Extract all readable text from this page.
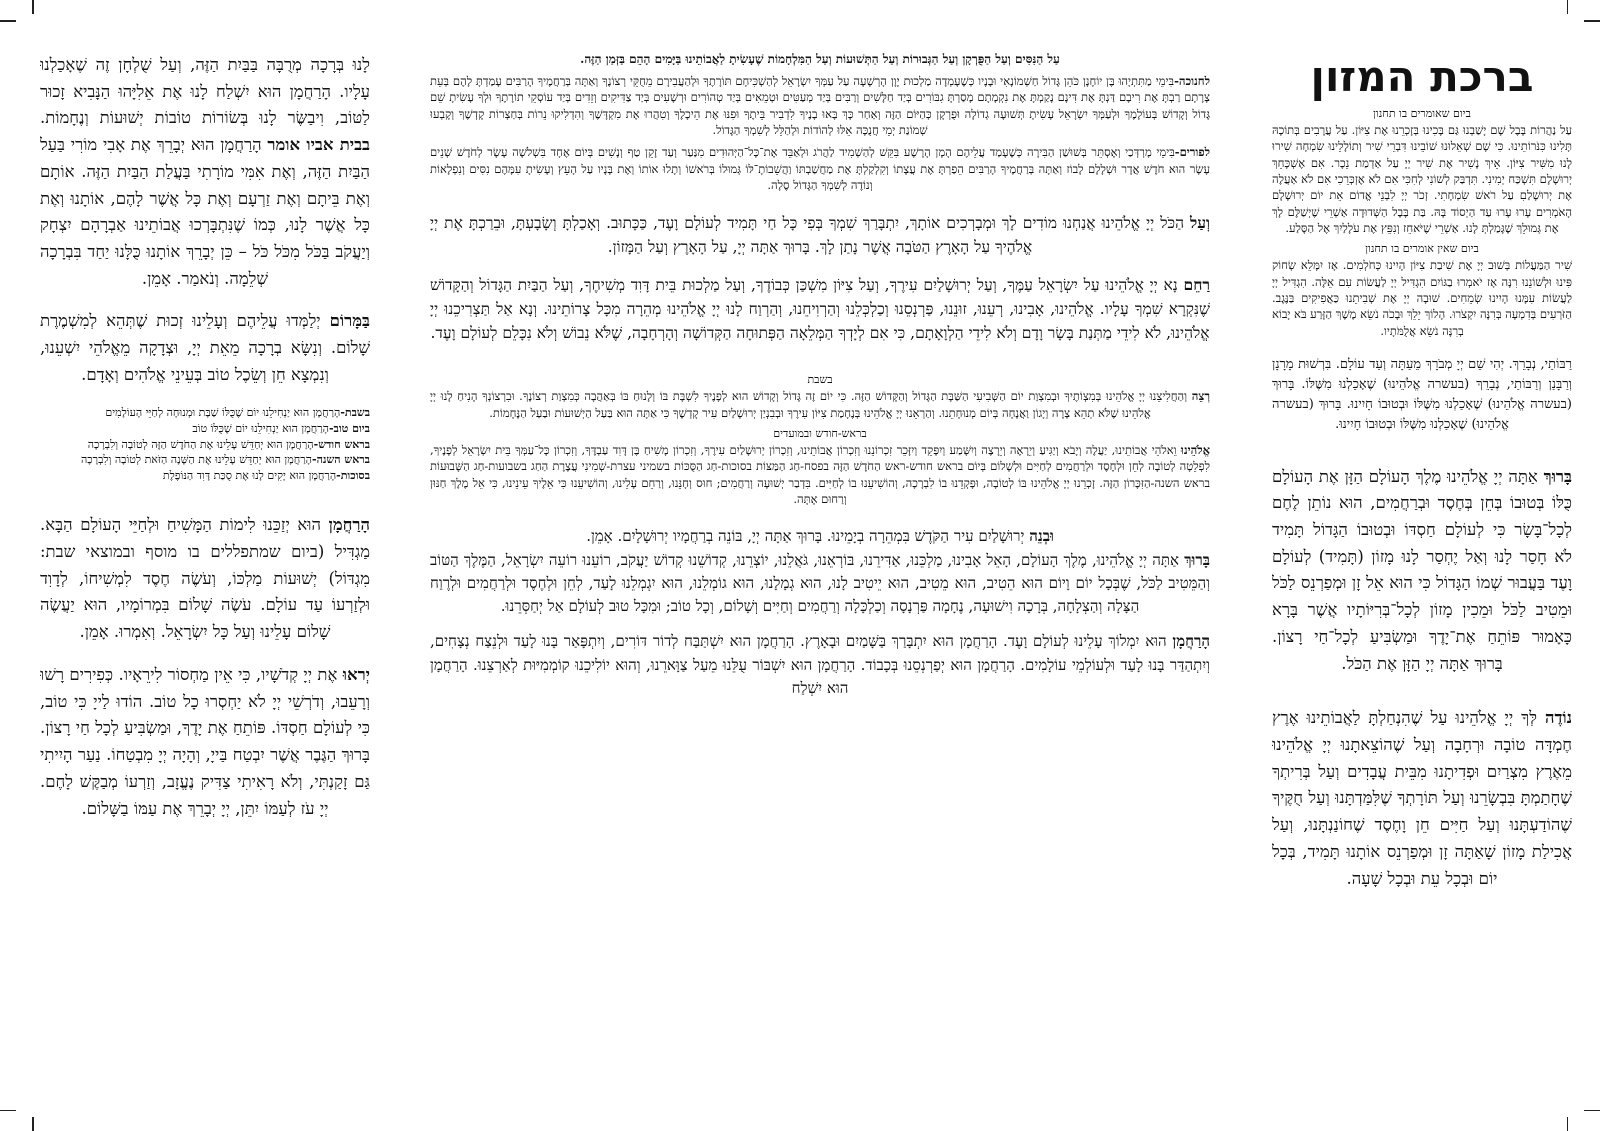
ברכת המזון

ביום שאומרים בו תחנון

עַל נַהֲרוֹת בָּבֶל שָׁם יָשַׁבְנוּ גַּם בָּכִינוּ בְּזָכְרֵנוּ אֶת צִיּוֹן. עַל עֲרָבִים בְּתוֹכָהּ תָּלִינוּ כִּנֹּרוֹתֵינוּ. כִּי שָׁם שְׁאֵלוּנוּ שׁוֹבֵינוּ דִּבְרֵי שִׁיר וְתוֹלָלֵינוּ שִׂמְחָה שִׁירוּ לָנוּ מִשִּׁיר צִיּוֹן. אֵיךְ נָשִׁיר אֶת שִׁיר יְיָ עַל אַדְמַת נֵכָר. אִם אֶשְׁכָּחֵךְ יְרוּשָׁלָם תִּשְׁכַּח יְמִינִי. תִּדְבַּק לְשׁוֹנִי לְחִכִּי אִם לֹא אֶזְכְּרֵכִי אִם לֹא אַעֲלֶה אֶת יְרוּשָׁלַםִ עַל רֹאשׁ שִׂמְחָתִי. זְכֹר יְיָ לִבְנֵי אֱדוֹם אֵת יוֹם יְרוּשָׁלָם הָאֹמְרִים עָרוּ עָרוּ עַד הַיְסוֹד בָּהּ. בַּת בָּבֶל הַשְּׁדוּדָה אַשְׁרֵי שֶׁיְשַׁלֶּם לָךְ אֶת גְּמוּלֵךְ שֶׁגָּמַלְתְּ לָנוּ. אַשְׁרֵי שֶׁיֹּאחֵז וְנִפֵּץ אֶת עֹלָלַיִךְ אֶל הַסָּלַע.

ביום שאין אומרים בו תחנון

שִׁיר הַמַּעֲלוֹת בְּשׁוּב יְיָ אֶת שִׁיבַת צִיּוֹן הָיִינוּ כְּחֹלְמִים. אָז יִמָּלֵא שְׂחוֹק פִּינוּ וּלְשׁוֹנֵנוּ רִנָּה אָז יֹאמְרוּ בַגּוֹיִם הִגְדִּיל יְיָ לַעֲשׂוֹת עִם אֵלֶּה. הִגְדִּיל יְיָ לַעֲשׂוֹת עִמָּנוּ הָיִינוּ שְׂמֵחִים. שׁוּבָה יְיָ אֶת שְׁבִיתֵנוּ כַּאֲפִיקִים בַּנֶּגֶב. הַזֹּרְעִים בְּדִמְעָה בְּרִנָּה יִקְצֹרוּ. הָלוֹךְ יֵלֵךְ וּבָכֹה נֹשֵׂא מֶשֶׁךְ הַזָּרַע בֹּא יָבוֹא בְרִנָּה נֹשֵׂא אֲלֻמֹּתָיו.

רַבּוֹתַי, נְבָרֵךְ. יְהִי שֵׁם יְיָ מְבֹרָךְ מֵעַתָּה וְעַד עוֹלָם. בִּרְשׁוּת מָרָנָן וְרַבָּנַן וְרַבּוֹתַי, נְבָרֵךְ (בעשרה אֱלֹהֵינוּ) שֶׁאָכַלְנוּ מִשֶּׁלּוֹ. בָּרוּךְ (בעשרה אֱלֹהֵינוּ) שֶׁאָכַלְנוּ מִשֶּׁלּוֹ וּבְטוּבוֹ חָיִינוּ. בָּרוּךְ (בעשרה אֱלֹהֵינוּ) שֶׁאָכַלְנוּ מִשֶּׁלּוֹ וּבְטוּבוֹ חָיִינוּ.

בָּרוּךְ אַתָּה יְיָ אֱלֹהֵינוּ מֶלֶךְ הָעוֹלָם הַזָּן אֶת הָעוֹלָם כֻּלּוֹ בְּטוּבוֹ בְּחֵן בְּחֶסֶד וּבְרַחֲמִים, הוּא נוֹתֵן לֶחֶם לְכָל־בָּשָׂר כִּי לְעוֹלָם חַסְדּוֹ וּבְטוּבוֹ הַגָּדוֹל תָּמִיד לֹא חָסַר לָנוּ וְאַל יֶחְסַר לָנוּ מָזוֹן (תָּמִיד) לְעוֹלָם וָעֶד בַּעֲבוּר שְׁמוֹ הַגָּדוֹל כִּי הוּא אֵל זָן וּמְפַרְנֵס לַכֹּל וּמֵטִיב לַכֹּל וּמֵכִין מָזוֹן לְכָל־בְּרִיּוֹתָיו אֲשֶׁר בָּרָא כָּאָמוּר פּוֹתֵחַ אֶת־יָדֶךָ וּמַשְׂבִּיעַ לְכָל־חַי רָצוֹן. בָּרוּךְ אַתָּה יְיָ הַזָּן אֶת הַכֹּל.

נוֹדֶה לְּךָ יְיָ אֱלֹהֵינוּ עַל שֶׁהִנְחַלְתָּ לַאֲבוֹתֵינוּ אֶרֶץ חֶמְדָּה טוֹבָה וּרְחָבָה וְעַל שֶׁהוֹצֵאתָנוּ יְיָ אֱלֹהֵינוּ מֵאֶרֶץ מִצְרַיִם וּפְדִיתָנוּ מִבֵּית עֲבָדִים וְעַל בְּרִיתְךָ שֶׁחָתַמְתָּ בִּבְשָׂרֵנוּ וְעַל תּוֹרָתְךָ שֶׁלִּמַּדְתָּנוּ וְעַל חֻקֶּיךָ שֶׁהוֹדַעְתָּנוּ וְעַל חַיִּים חֵן וָחֶסֶד שֶׁחוֹנַנְתָּנוּ, וְעַל אֲכִילַת מָזוֹן שָׁאַתָּה זָן וּמְפַרְנֵס אוֹתָנוּ תָּמִיד, בְּכָל יוֹם וּבְכָל עֵת וּבְכָל שָׁעָה.

עַל הַנִּסִּים וְעַל הַפֻּרְקָן וְעַל הַגְּבוּרוֹת וְעַל הַתְּשׁוּעוֹת וְעַל הַמִּלְחָמוֹת שֶׁעָשִׂיתָ לַאֲבוֹתֵינוּ בַּיָּמִים הָהֵם בַּזְּמַן הַזֶּה.

לחנוכה-בִּימֵי מַתִּתְיָהוּ בֶּן יוֹחָנָן כֹּהֵן גָּדוֹל חַשְׁמוֹנָאִי וּבָנָיו כְּשֶׁעָמְדָה מַלְכוּת יָוָן הָרְשָׁעָה עַל עַמְּךָ יִשְׂרָאֵל לְהַשְׁכִּיחָם תּוֹרָתֶךָ וּלְהַעֲבִירָם מֵחֻקֵּי רְצוֹנֶךָ וְאַתָּה בְּרַחֲמֶיךָ הָרַבִּים עָמַדְתָּ לָהֶם בְּעֵת צָרָתָם רַבְתָּ אֶת רִיבָם דַּנְתָּ אֶת דִּינָם נָקַמְתָּ אֶת נִקְמָתָם מָסַרְתָּ גִבּוֹרִים בְּיַד חַלָּשִׁים וְרַבִּים בְּיַד מְעַטִּים וּטְמֵאִים בְּיַד טְהוֹרִים וּרְשָׁעִים בְּיַד צַדִּיקִים וְזֵדִים בְּיַד עוֹסְקֵי תוֹרָתֶךָ וּלְךָ עָשִׂיתָ שֵׁם גָּדוֹל וְקָדוֹשׁ בְּעוֹלָמֶךָ וּלְעַמְּךָ יִשְׂרָאֵל עָשִׂיתָ תְּשׁוּעָה גְדוֹלָה וּפֻרְקָן כְּהַיּוֹם הַזֶּה וְאַחַר כָּךְ בָּאוּ בָנֶיךָ לִדְבִיר בֵּיתֶךָ וּפִנּוּ אֶת הֵיכָלֶךָ וְטִהֲרוּ אֶת מִקְדָּשֶׁךָ וְהִדְלִיקוּ נֵרוֹת בְּחַצְרוֹת קָדְשֶׁךָ וְקָבְעוּ שְׁמוֹנַת יְמֵי חֲנֻכָּה אֵלּוּ לְהוֹדוֹת וּלְהַלֵּל לְשִׁמְךָ הַגָּדוֹל.

לפורים-בִּימֵי מָרְדְּכַי וְאֶסְתֵּר בְּשׁוּשַׁן הַבִּירָה כְּשֶׁעָמַד עֲלֵיהֶם הָמָן הָרָשָׁע בִּקֵּשׁ לְהַשְׁמִיד לַהֲרֹג וּלְאַבֵּד אֶת־כָּל־הַיְּהוּדִים מִנַּעַר וְעַד זָקֵן טַף וְנָשִׁים בְּיוֹם אֶחָד בִּשְׁלשָׁה עָשָׂר לְחֹדֶשׁ שְׁנֵים עָשָׂר הוּא חֹדֶשׁ אֲדָר וּשְׁלָלָם לָבוֹז וְאַתָּה בְּרַחֲמֶיךָ הָרַבִּים הֵפַרְתָּ אֶת עֲצָתוֹ וְקִלְקַלְתָּ אֶת מַחֲשַׁבְתּוֹ וַהֲשֵׁבוֹתָ־לּוֹ גְּמוּלוֹ בְּרֹאשׁוֹ וְתָלוּ אוֹתוֹ וְאֶת בָּנָיו עַל הָעֵץ וְעָשִׂיתָ עִמָּהֶם נִסִּים וְנִפְלָאוֹת וְנוֹדֶה לְשִׁמְךָ הַגָּדוֹל סֶלָה.

וְעַל הַכֹּל יְיָ אֱלֹהֵינוּ אֲנַחְנוּ מוֹדִים לָךְ וּמְבָרְכִים אוֹתָךְ, יִתְבָּרַךְ שִׁמְךָ בְּפִי כָּל חַי תָּמִיד לְעוֹלָם וָעֶד, כַּכָּתוּב. וְאָכַלְתָּ וְשָׂבָעְתָּ, וּבֵרַכְתָּ אֶת יְיָ אֱלֹהֶיךָ עַל הָאָרֶץ הַטֹּבָה אֲשֶׁר נָתַן לָךְ. בָּרוּךְ אַתָּה יְיָ, עַל הָאָרֶץ וְעַל הַמָּזוֹן.

רַחֵם נָא יְיָ אֱלֹהֵינוּ עַל יִשְׂרָאֵל עַמֶּךָ, וְעַל יְרוּשָׁלַיִם עִירֶךָ, וְעַל צִיּוֹן מִשְׁכַּן כְּבוֹדֶךָ, וְעַל מַלְכוּת בֵּית דָּוִד מְשִׁיחֶךָ, וְעַל הַבַּיִת הַגָּדוֹל וְהַקָּדוֹשׁ שֶׁנִּקְרָא שִׁמְךָ עָלָיו. אֱלֹהֵינוּ, אָבִינוּ, רְעֵנוּ, זוּנֵנוּ, פַּרְנְסֵנוּ וְכַלְכְּלֵנוּ וְהַרְוִיחֵנוּ, וְהַרְוַח לָנוּ יְיָ אֱלֹהֵינוּ מְהֵרָה מִכָּל צָרוֹתֵינוּ. וְנָא אַל תַּצְרִיכֵנוּ יְיָ אֱלֹהֵינוּ, לֹא לִידֵי מַתְּנַת בָּשָׂר וָדָם וְלֹא לִידֵי הַלְוָאָתָם, כִּי אִם לְיָדְךָ הַמְּלֵאָה הַפְּתוּחָה הַקְּדוֹשָׁה וְהָרְחָבָה, שֶׁלֹּא נֵבוֹשׁ וְלֹא נִכָּלֵם לְעוֹלָם וָעֶד.

בשבת

רְצֵה וְהַחֲלִיצֵנוּ יְיָ אֱלֹהֵינוּ בְּמִצְוֹתֶיךָ וּבְמִצְוַת יוֹם הַשְּׁבִיעִי הַשַּׁבָּת הַגָּדוֹל וְהַקָּדוֹשׁ הַזֶּה. כִּי יוֹם זֶה גָּדוֹל וְקָדוֹשׁ הוּא לְפָנֶיךָ לִשְׁבָּת בּוֹ וְלָנוּחַ בּוֹ בְּאַהֲבָה כְּמִצְוַת רְצוֹנֶךָ. וּבִרְצוֹנְךָ הָנִיחַ לָנוּ יְיָ אֱלֹהֵינוּ שֶׁלֹּא תְהֵא צָרָה וְיָגוֹן וַאֲנָחָה בְּיוֹם מְנוּחָתֵנוּ. וְהַרְאֵנוּ יְיָ אֱלֹהֵינוּ בְּנֶחָמַת צִיּוֹן עִירֶךָ וּבְבִנְיַן יְרוּשָׁלַיִם עִיר קָדְשֶׁךָ כִּי אַתָּה הוּא בַּעַל הַיְשׁוּעוֹת וּבַעַל הַנֶּחָמוֹת.

בראש-חודש ובמועדים

אֱלֹהֵינוּ וֵאלֹהֵי אֲבוֹתֵינוּ, יַעֲלֶה וְיָבֹא וְיַגִּיעַ וְיֵרָאֶה וְיֵרָצֶה וְיִשָּׁמַע וְיִפָּקֵד וְיִזָּכֵר זִכְרוֹנֵנוּ וְזִכְרוֹן אֲבוֹתֵינוּ, וְזִכְרוֹן יְרוּשָׁלַיִם עִירֶךָ, וְזִכְרוֹן מָשִׁיחַ בֶּן דָּוִד עַבְדֶּךָ, וְזִכְרוֹן כָּל־עַמְּךָ בֵּית יִשְׂרָאֵל לְפָנֶיךָ, לִפְלֵטָה לְטוֹבָה לְחֵן וּלְחֶסֶד וּלְרַחֲמִים לְחַיִּים וּלְשָׁלוֹם בְּיוֹם בראש חודש-ראש הַחֹדֶשׁ הַזֶּה בפסח-חַג הַמַּצּוֹת בסוכות-חַג הַסֻּכּוֹת בשמיני עצרת-שְׁמִינִי עֲצֶרֶת הַחַג בשבועות-חַג הַשָּׁבוּעוֹת בראש השנה-הַזִּכָּרוֹן הַזֶּה. זָכְרֵנוּ יְיָ אֱלֹהֵינוּ בּוֹ לְטוֹבָה, וּפָקְדֵנוּ בוֹ לִבְרָכָה, וְהוֹשִׁיעֵנוּ בוֹ לְחַיִּים. בִּדְבַר יְשׁוּעָה וְרַחֲמִים; חוּס וְחָנֵּנוּ, וְרַחֵם עָלֵינוּ, וְהוֹשִׁיעֵנוּ כִּי אֵלֶיךָ עֵינֵינוּ, כִּי אֵל מֶלֶךְ חַנּוּן וְרַחוּם אָתָּה.

וּבְנֵה יְרוּשָׁלַיִם עִיר הַקֹּדֶשׁ בִּמְהֵרָה בְיָמֵינוּ. בָּרוּךְ אַתָּה יְיָ, בּוֹנֵה בְרַחֲמָיו יְרוּשָׁלָיִם. אָמֵן.

בָּרוּךְ אַתָּה יְיָ אֱלֹהֵינוּ, מֶלֶךְ הָעוֹלָם, הָאֵל אָבִינוּ, מַלְכֵּנוּ, אַדִּירֵנוּ, בּוֹרְאֵנוּ, גֹּאֲלֵנוּ, יוֹצְרֵנוּ, קְדוֹשֵׁנוּ קְדוֹשׁ יַעֲקֹב, רוֹעֵנוּ רוֹעֵה יִשְׂרָאֵל, הַמֶּלֶךְ הַטּוֹב וְהַמֵּטִיב לַכֹּל, שֶׁבְּכָל יוֹם וָיוֹם הוּא הֵטִיב, הוּא מֵטִיב, הוּא יֵיטִיב לָנוּ, הוּא גְמָלָנוּ, הוּא גוֹמְלֵנוּ, הוּא יִגְמְלֵנוּ לָעַד, לְחֵן וּלְחֶסֶד וּלְרַחֲמִים וּלְרֶוַח הַצָּלָה וְהַצְלָחָה, בְּרָכָה וִישׁוּעָה, נֶחָמָה פַּרְנָסָה וְכַלְכָּלָה וְרַחֲמִים וְחַיִּים וְשָׁלוֹם, וְכָל טוֹב; וּמִכָּל טוּב לְעוֹלָם אַל יְחַסְּרֵנוּ.

הָרַחֲמָן הוּא יִמְלוֹךְ עָלֵינוּ לְעוֹלָם וָעֶד. הָרַחֲמָן הוּא יִתְבָּרַךְ בַּשָּׁמַיִם וּבָאָרֶץ. הָרַחֲמָן הוּא יִשְׁתַּבַּח לְדוֹר דּוֹרִים, וְיִתְפָּאַר בָּנוּ לָעַד וּלְנֵצַח נְצָחִים, וְיִתְהַדַּר בָּנוּ לָעַד וּלְעוֹלְמֵי עוֹלָמִים. הָרַחֲמָן הוּא יְפַרְנְסֵנוּ בְּכָבוֹד. הָרַחֲמָן הוּא יִשְׁבּוֹר עֻלֵּנוּ מֵעַל צַוָּארֵנוּ, וְהוּא יוֹלִיכֵנוּ קוֹמְמִיּוּת לְאַרְצֵנוּ. הָרַחֲמָן הוּא יִשְׁלַח

לָנוּ בְּרָכָה מְרֻבָּה בַּבַּיִת הַזֶּה, וְעַל שֻׁלְחָן זֶה שֶׁאָכַלְנוּ עָלָיו. הָרַחֲמָן הוּא יִשְׁלַח לָנוּ אֶת אֵלִיָּהוּ הַנָּבִיא זָכוּר לַטּוֹב, וִיבַשֶּׂר לָנוּ בְּשׂוֹרוֹת טוֹבוֹת יְשׁוּעוֹת וְנֶחָמוֹת. בבית אביו אומר הָרַחֲמָן הוּא יְבָרֵךְ אֶת אָבִי מוֹרִי בַּעַל הַבַּיִת הַזֶּה, וְאֶת אִמִּי מוֹרָתִי בַּעֲלַת הַבַּיִת הַזֶּה. אוֹתָם וְאֶת בֵּיתָם וְאֶת זַרְעָם וְאֶת כָּל אֲשֶׁר לָהֶם, אוֹתָנוּ וְאֶת כָּל אֲשֶׁר לָנוּ, כְּמוֹ שֶׁנִּתְבָּרְכוּ אֲבוֹתֵינוּ אַבְרָהָם יִצְחָק וְיַעֲקֹב בַּכֹּל מִכֹּל כֹּל – כֵּן יְבָרֵךְ אוֹתָנוּ כֻּלָּנוּ יַחַד בִּבְרָכָה שְׁלֵמָה. וְנֹאמַר. אָמֵן.

בַּמָּרוֹם יְלַמְּדוּ עֲלֵיהֶם וְעָלֵינוּ זְכוּת שֶׁתְּהֵא לְמִשְׁמֶרֶת שָׁלוֹם. וְנִשָּׂא בְרָכָה מֵאֵת יְיָ, וּצְדָקָה מֵאֱלֹהֵי יִשְׁעֵנוּ, וְנִמְצָא חֵן וְשֵׂכֶל טוֹב בְּעֵינֵי אֱלֹהִים וְאָדָם.

בשבת-הָרַחֲמָן הוּא יַנְחִילֵנוּ יוֹם שֶׁכֻּלּוֹ שַׁבָּת וּמְנוּחָה לְחַיֵּי הָעוֹלָמִים

ביום טוב-הָרַחֲמָן הוּא יַנְחִילֵנוּ יוֹם שֶׁכֻּלּוֹ טוֹב

בראש חודש-הָרַחֲמָן הוּא יְחַדֵּשׁ עָלֵינוּ אֶת הַחֹדֶשׁ הַזֶּה לְטוֹבָה וְלִבְרָכָה

בראש השנה-הָרַחֲמָן הוּא יְחַדֵּשׁ עָלֵינוּ אֶת הַשָּׁנָה הַזֹּאת לְטוֹבָה וְלִבְרָכָה

בסוכות-הָרַחֲמָן הוּא יָקִים לָנוּ אֶת סֻכַּת דָּוִד הַנּוֹפֶלֶת

הָרַחֲמָן הוּא יְזַכֵּנוּ לִימוֹת הַמָּשִׁיחַ וּלְחַיֵּי הָעוֹלָם הַבָּא. מַגְדִּיל (ביום שמתפללים בו מוסף ובמוצאי שבת: מִגְדּוֹל) יְשׁוּעוֹת מַלְכּוֹ, וְעֹשֶׂה חֶסֶד לִמְשִׁיחוֹ, לְדָוִד וּלְזַרְעוֹ עַד עוֹלָם. עֹשֶׂה שָׁלוֹם בִּמְרוֹמָיו, הוּא יַעֲשֶׂה שָׁלוֹם עָלֵינוּ וְעַל כָּל יִשְׂרָאֵל. וְאִמְרוּ. אָמֵן.

יְראוּ אֶת יְיָ קְדֹשָׁיו, כִּי אֵין מַחְסוֹר לִירֵאָיו. כְּפִירִים רָשׁוּ וְרָעֵבוּ, וְדֹרְשֵׁי יְיָ לֹא יַחְסְרוּ כָל טוֹב. הוֹדוּ לַייָ כִּי טוֹב, כִּי לְעוֹלָם חַסְדּוֹ. פּוֹתֵחַ אֶת יָדֶךָ, וּמַשְׂבִּיעַ לְכָל חַי רָצוֹן. בָּרוּךְ הַגֶּבֶר אֲשֶׁר יִבְטַח בַּייָ, וְהָיָה יְיָ מִבְטַחוֹ. נַעַר הָיִיתִי גַּם זָקַנְתִּי, וְלֹא רָאִיתִי צַדִּיק נֶעֱזָב, וְזַרְעוֹ מְבַקֶּשׁ לָחֶם. יְיָ עֹז לְעַמּוֹ יִתֵּן, יְיָ יְבָרֵךְ אֶת עַמּוֹ בַשָּׁלוֹם.
